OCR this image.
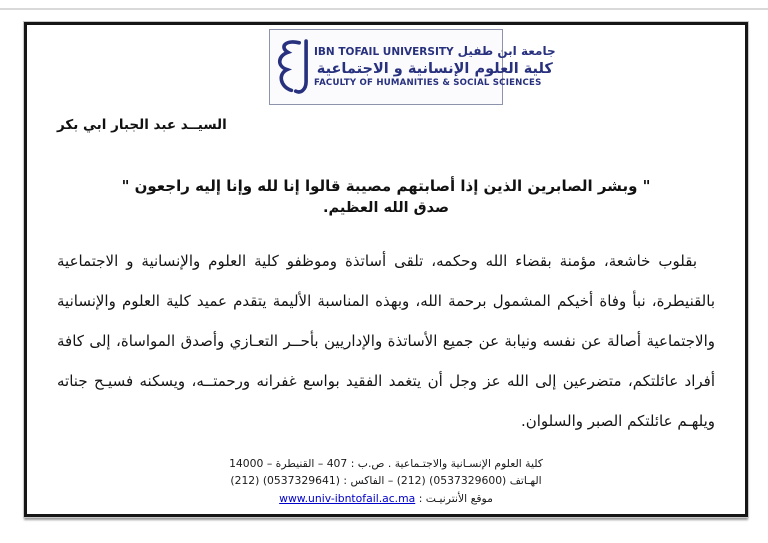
IBN TOFAIL UNIVERSITY جامعة ابن طفيل
كلية العلوم الإنسانية و الاجتماعية
FACULTY OF HUMANITIES & SOCIAL SCIENCES
السيــد عبد الجبار ابي بكر
" وبشر الصابرين الذين إذا أصابتهم مصيبة قالوا إنا لله وإنا إليه راجعون "
صدق الله العظيم.
بقلوب خاشعة، مؤمنة بقضاء الله وحكمه، تلقى أساتذة وموظفو كلية العلوم والإنسانية و الاجتماعية بالقنيطرة، نبأ وفاة أخيكم المشمول برحمة الله، وبهذه المناسبة الأليمة يتقدم عميد كلية العلوم والإنسانية والاجتماعية أصالة عن نفسه ونيابة عن جميع الأساتذة والإداريين بأحــر التعـازي وأصدق المواساة، إلى كافة أفراد عائلتكم، متضرعين إلى الله عز وجل أن يتغمد الفقيد بواسع غفرانه ورحمتــه، ويسكنه فسيـح جناته ويلهـم عائلتكم الصبر والسلوان.
كلية العلوم الإنسـانية والاجتـماعية . ص.ب : 407 – القنيطرة – 14000
الهـاتف (212) (0537329600) – الفاكس : (212) (0537329641)
موقع الأنترنيـت : www.univ-ibntofail.ac.ma
